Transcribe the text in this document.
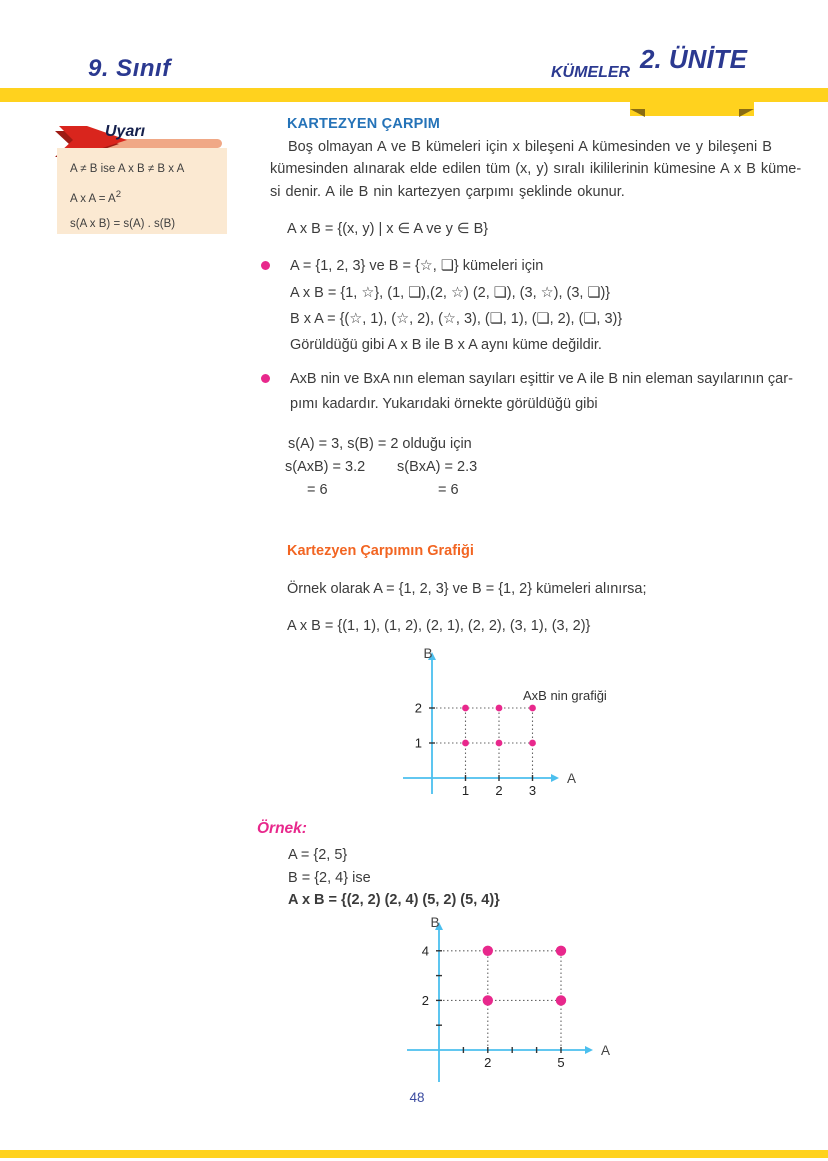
9. Sınıf	KÜMELER 2. ÜNİTE
Uyarı
A ≠ B ise A x B ≠ B x A
A x $A = A^2$
s(A x B) = s(A) . s(B)
KARTEZYEN ÇARPIM
Boş olmayan A ve B kümeleri için x bileşeni A kümesinden ve y bileşeni B
kümesinden alınarak elde edilen tüm (x, y) sıralı ikililerinin kümesine A x B küme-
si denir. A ile B nin kartezyen çarpımı şeklinde okunur.
A x B = {(x, y) | x ∈ A ve y ∈ B}
A = {1, 2, 3} ve B = {☆, ❏} kümeleri için
A x B = {1, ☆}, (1, ❏),(2, ☆) (2, ❏), (3, ☆), (3, ❏)}
B x A = {(☆, 1), (☆, 2), (☆, 3), (❏, 1), (❏, 2), (❏, 3)}
Görüldüğü gibi A x B ile B x A aynı küme değildir.
AxB nin ve BxA nın eleman sayıları eşittir ve A ile B nin eleman sayılarının çar-
pımı kadardır. Yukarıdaki örnekte görüldüğü gibi
s(A) = 3, s(B) = 2 olduğu için
s(AxB) = 3.2 s(BxA) = 2.3
= 6	= 6
Kartezyen Çarpımın Grafiği
Örnek olarak A = {1, 2, 3} ve B = {1, 2} kümeleri alınırsa;
A x B = {(1, 1), (1, 2), (2, 1), (2, 2), (3, 1), (3, 2)}
A
B
1 2 3
1
2
AxB nin grafiği
Örnek:
A = {2, 5}
B = {2, 4} ise
A x B = {(2, 2) (2, 4) (5, 2) (5, 4)}
A
B
2	5
2
4
48
